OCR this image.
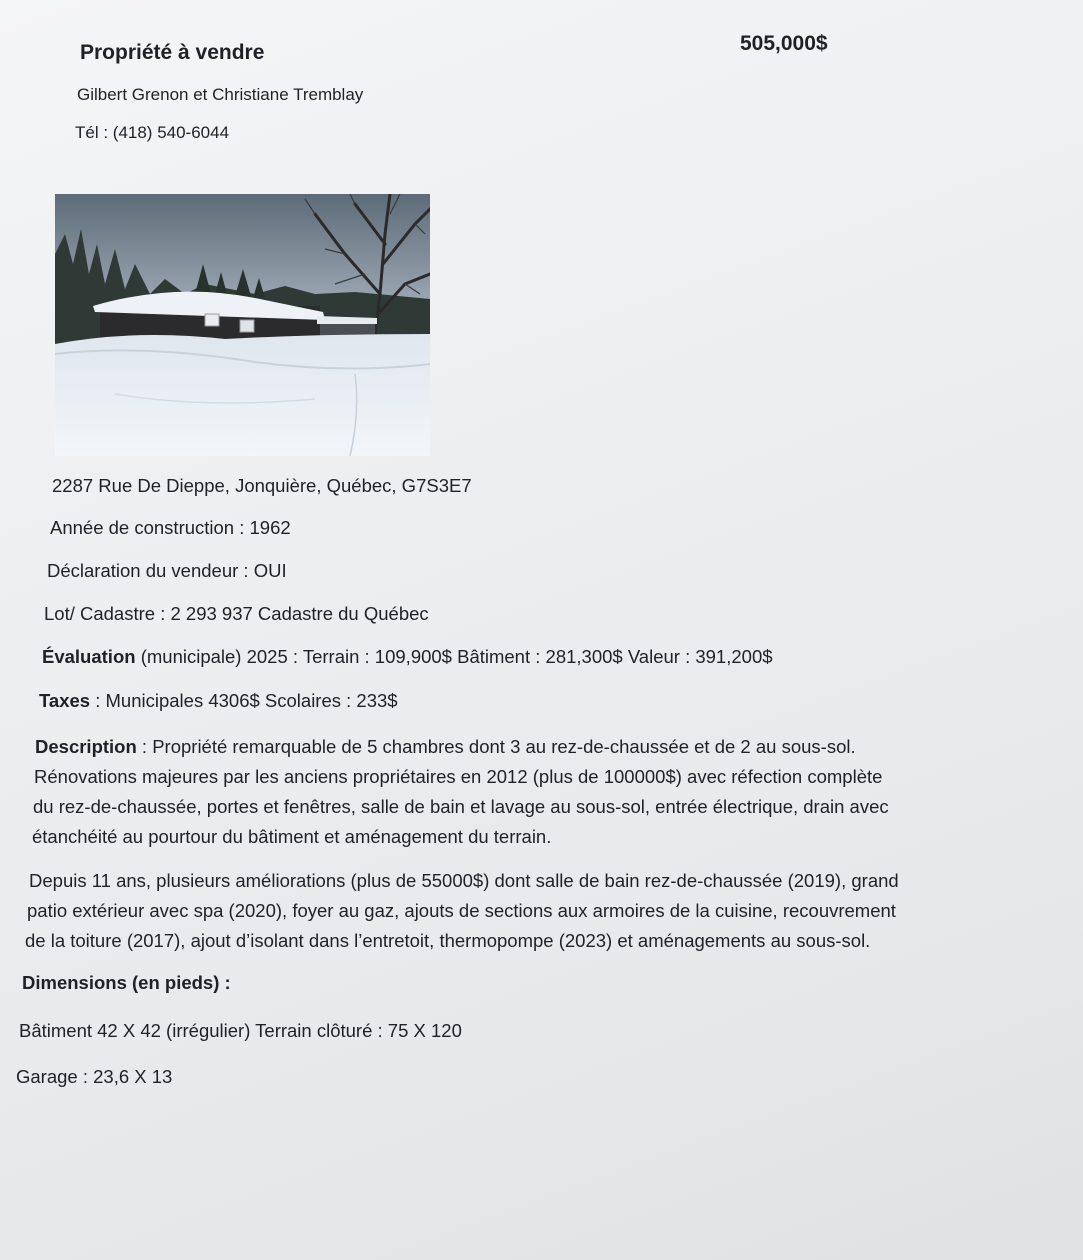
Propriété à vendre	505,000$
Gilbert Grenon et Christiane Tremblay
Tél : (418) 540-6044
2287 Rue De Dieppe, Jonquière, Québec, G7S3E7
Année de construction : 1962
Déclaration du vendeur : OUI
Lot/ Cadastre : 2 293 937 Cadastre du Québec
Évaluation (municipale) 2025 : Terrain : 109,900$ Bâtiment : 281,300$ Valeur : 391,200$
Taxes : Municipales 4306$ Scolaires : 233$
Description : Propriété remarquable de 5 chambres dont 3 au rez-de-chaussée et de 2 au sous-sol.
Rénovations majeures par les anciens propriétaires en 2012 (plus de 100000$) avec réfection complète
du rez-de-chaussée, portes et fenêtres, salle de bain et lavage au sous-sol, entrée électrique, drain avec
étanchéité au pourtour du bâtiment et aménagement du terrain.
Depuis 11 ans, plusieurs améliorations (plus de 55000$) dont salle de bain rez-de-chaussée (2019), grand
patio extérieur avec spa (2020), foyer au gaz, ajouts de sections aux armoires de la cuisine, recouvrement
de la toiture (2017), ajout d’isolant dans l’entretoit, thermopompe (2023) et aménagements au sous-sol.
Dimensions (en pieds) :
Bâtiment 42 X 42 (irrégulier) Terrain clôturé : 75 X 120
Garage : 23,6 X 13
